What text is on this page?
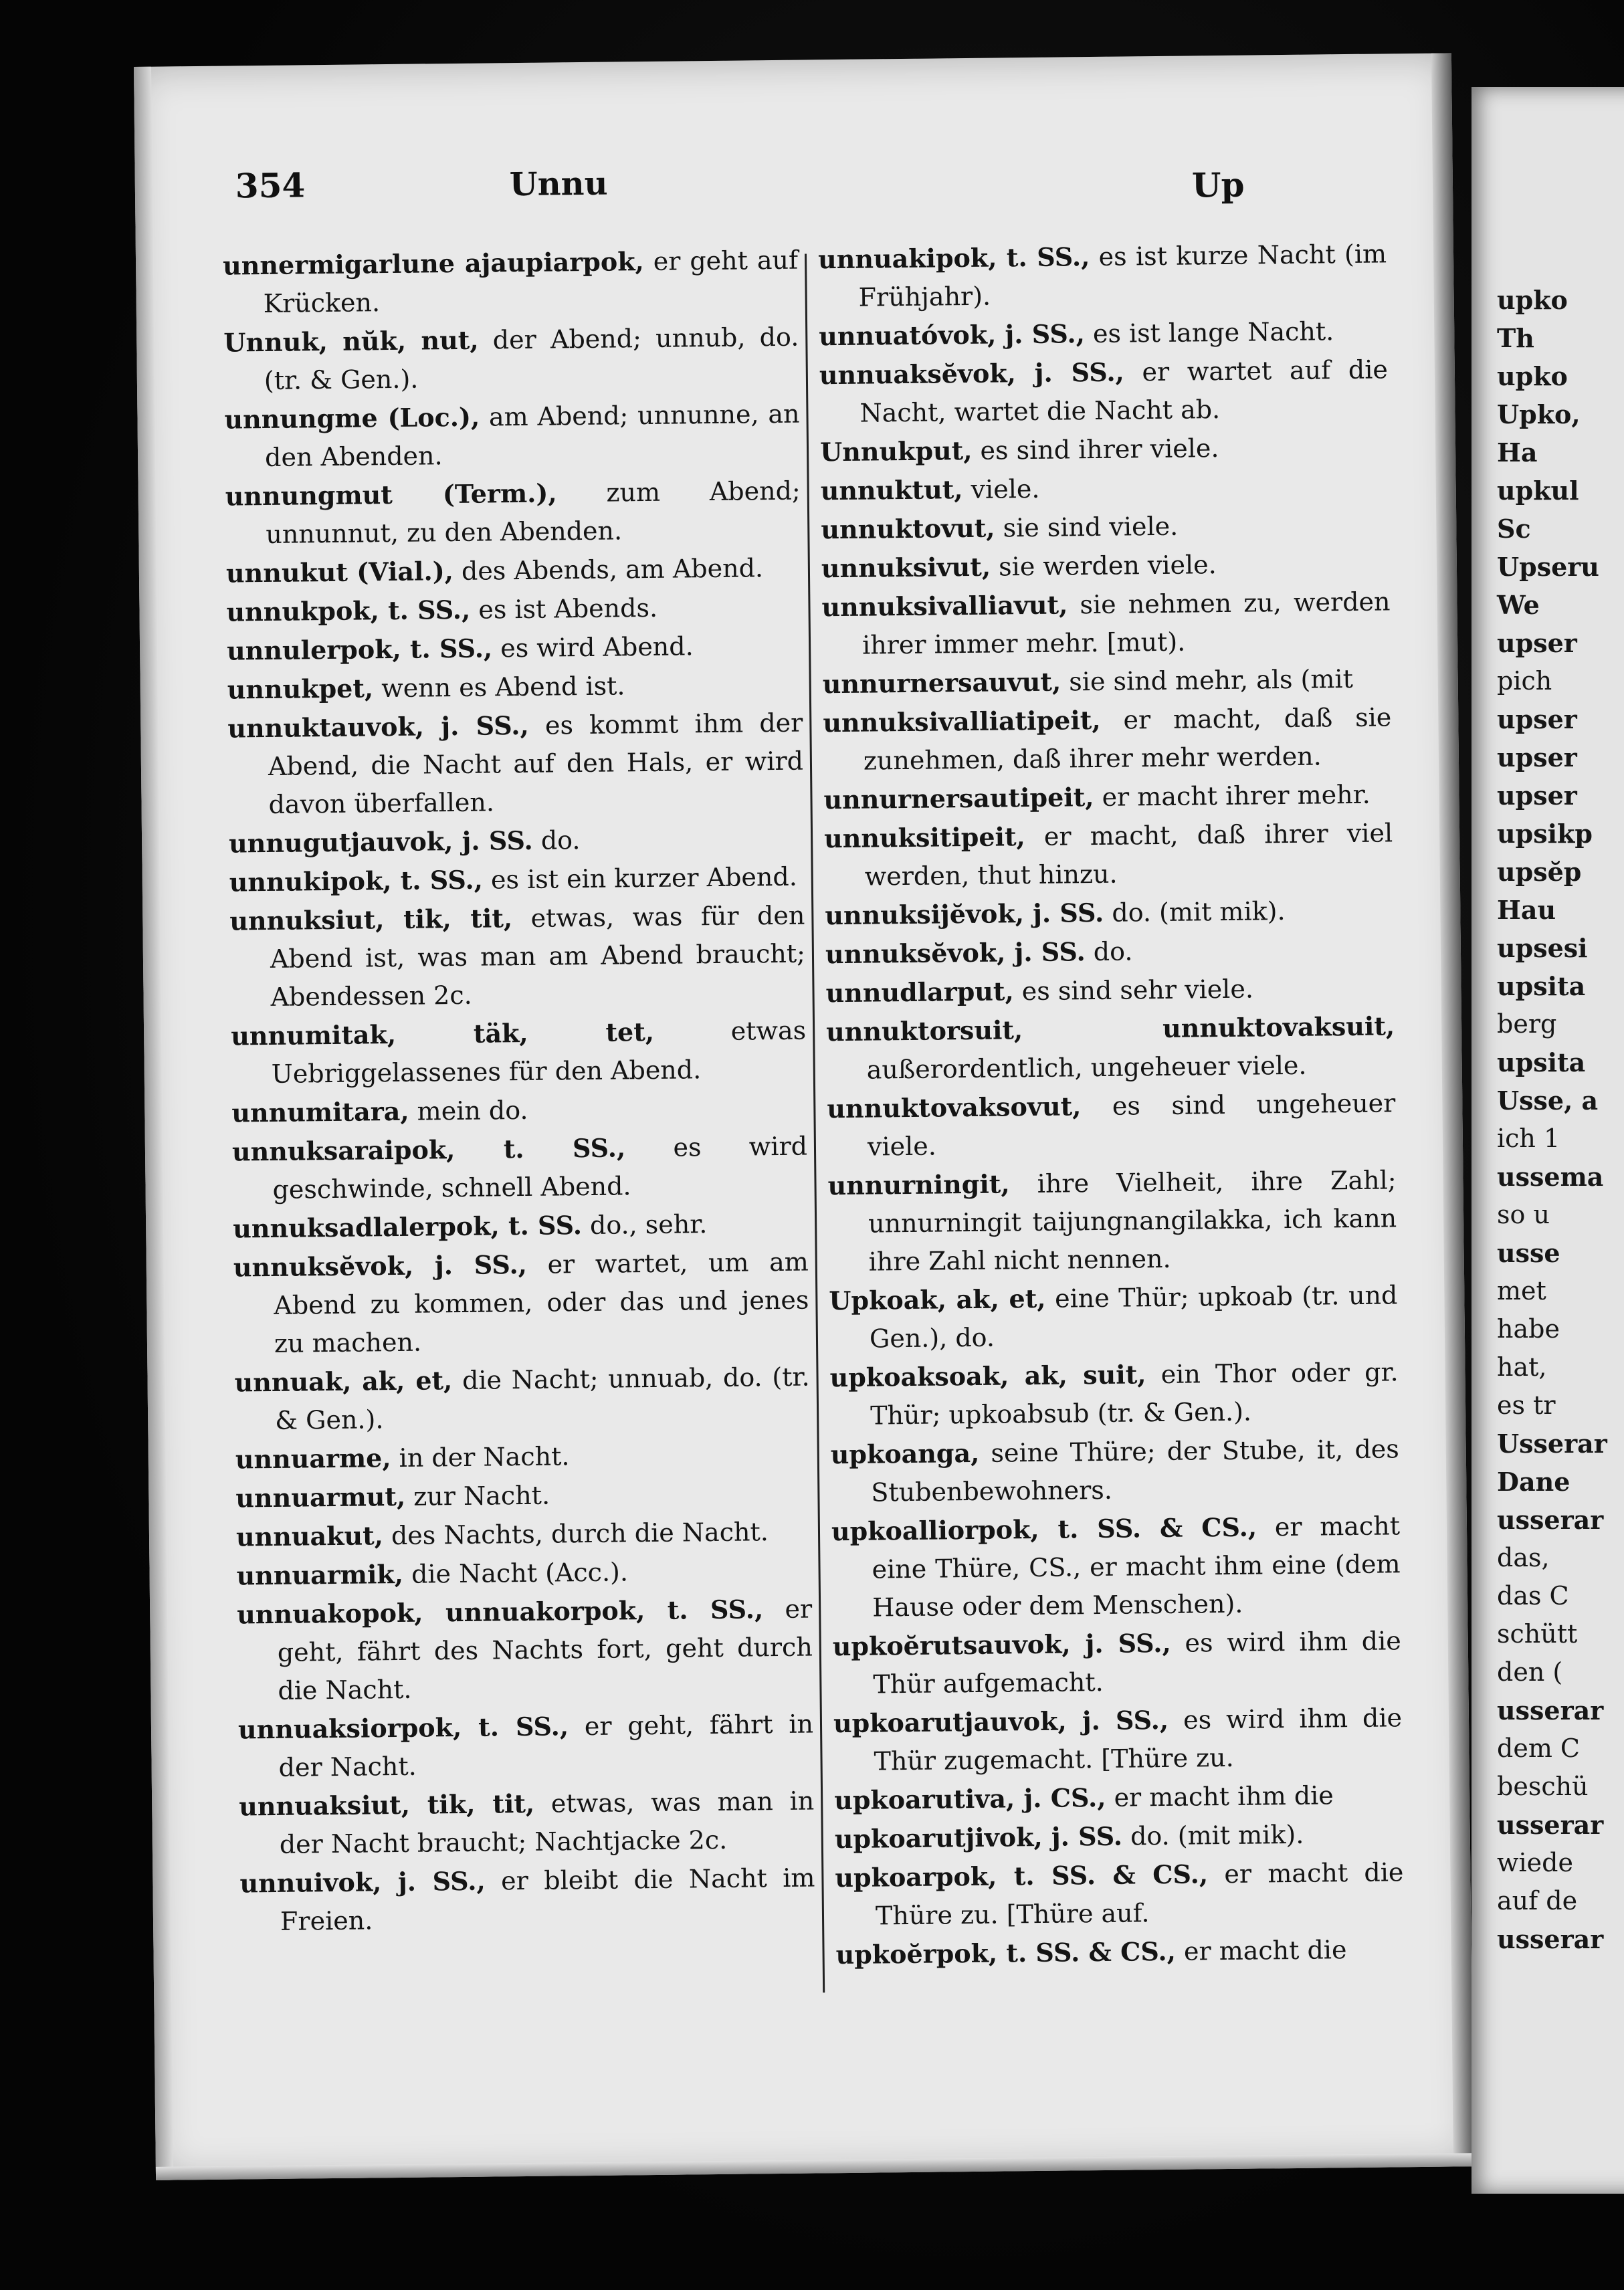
354	Unnu	Up

unnermigarlune ajaupiarpok, er geht auf Krücken.

Unnuk, nŭk, nut, der Abend; unnub, do. (tr. & Gen.).

unnungme (Loc.), am Abend; unnunne, an den Abenden.

unnungmut (Term.), zum Abend; unnunnut, zu den Abenden.

unnukut (Vial.), des Abends, am Abend.

unnukpok, t. SS., es ist Abends.

unnulerpok, t. SS., es wird Abend.

unnukpet, wenn es Abend ist.

unnuktauvok, j. SS., es kommt ihm der Abend, die Nacht auf den Hals, er wird davon überfallen.

unnugutjauvok, j. SS. do.

unnukipok, t. SS., es ist ein kurzer Abend.

unnuksiut, tik, tit, etwas, was für den Abend ist, was man am Abend braucht; Abendessen 2c.

unnumitak, täk, tet, etwas Uebriggelassenes für den Abend.

unnumitara, mein do.

unnuksaraipok, t. SS., es wird geschwinde, schnell Abend.

unnuksadlalerpok, t. SS. do., sehr.

unnuksĕvok, j. SS., er wartet, um am Abend zu kommen, oder das und jenes zu machen.

unnuak, ak, et, die Nacht; unnuab, do. (tr. & Gen.).

unnuarme, in der Nacht.

unnuarmut, zur Nacht.

unnuakut, des Nachts, durch die Nacht.

unnuarmik, die Nacht (Acc.).

unnuakopok, unnuakorpok, t. SS., er geht, fährt des Nachts fort, geht durch die Nacht.

unnuaksiorpok, t. SS., er geht, fährt in der Nacht.

unnuaksiut, tik, tit, etwas, was man in der Nacht braucht; Nachtjacke 2c.

unnuivok, j. SS., er bleibt die Nacht im Freien.

unnuakipok, t. SS., es ist kurze Nacht (im Frühjahr).

unnuatóvok, j. SS., es ist lange Nacht.

unnuaksĕvok, j. SS., er wartet auf die Nacht, wartet die Nacht ab.

Unnukput, es sind ihrer viele.

unnuktut, viele.

unnuktovut, sie sind viele.

unnuksivut, sie werden viele.

unnuksivalliavut, sie nehmen zu, werden ihrer immer mehr. [mut).

unnurnersauvut, sie sind mehr, als (mit

unnuksivalliatipeit, er macht, daß sie zunehmen, daß ihrer mehr werden.

unnurnersautipeit, er macht ihrer mehr.

unnuksitipeit, er macht, daß ihrer viel werden, thut hinzu.

unnuksijĕvok, j. SS. do. (mit mik).

unnuksĕvok, j. SS. do.

unnudlarput, es sind sehr viele.

unnuktorsuit, unnuktovaksuit, außerordentlich, ungeheuer viele.

unnuktovaksovut, es sind ungeheuer viele.

unnurningit, ihre Vielheit, ihre Zahl; unnurningit taijungnangilakka, ich kann ihre Zahl nicht nennen.

Upkoak, ak, et, eine Thür; upkoab (tr. und Gen.), do.

upkoaksoak, ak, suit, ein Thor oder gr. Thür; upkoabsub (tr. & Gen.).

upkoanga, seine Thüre; der Stube, it, des Stubenbewohners.

upkoalliorpok, t. SS. & CS., er macht eine Thüre, CS., er macht ihm eine (dem Hause oder dem Menschen).

upkoĕrutsauvok, j. SS., es wird ihm die Thür aufgemacht.

upkoarutjauvok, j. SS., es wird ihm die Thür zugemacht. [Thüre zu.

upkoarutiva, j. CS., er macht ihm die

upkoarutjivok, j. SS. do. (mit mik).

upkoarpok, t. SS. & CS., er macht die Thüre zu. [Thüre auf.

upkoĕrpok, t. SS. & CS., er macht die

upko
Th
upko
Upko,
Ha
upkul
Sc
Upseru
We
upser
pich
upser
upser
upser
upsikp
upsĕp
Hau
upsesi
upsita
berg
upsita
Usse, a
ich 1
ussema
so u
usse
met
habe
hat,
es tr
Usserar
Dane
usserar
das,
das C
schütt
den (
usserar
dem C
beschü
usserar
wiede
auf de
usserar
